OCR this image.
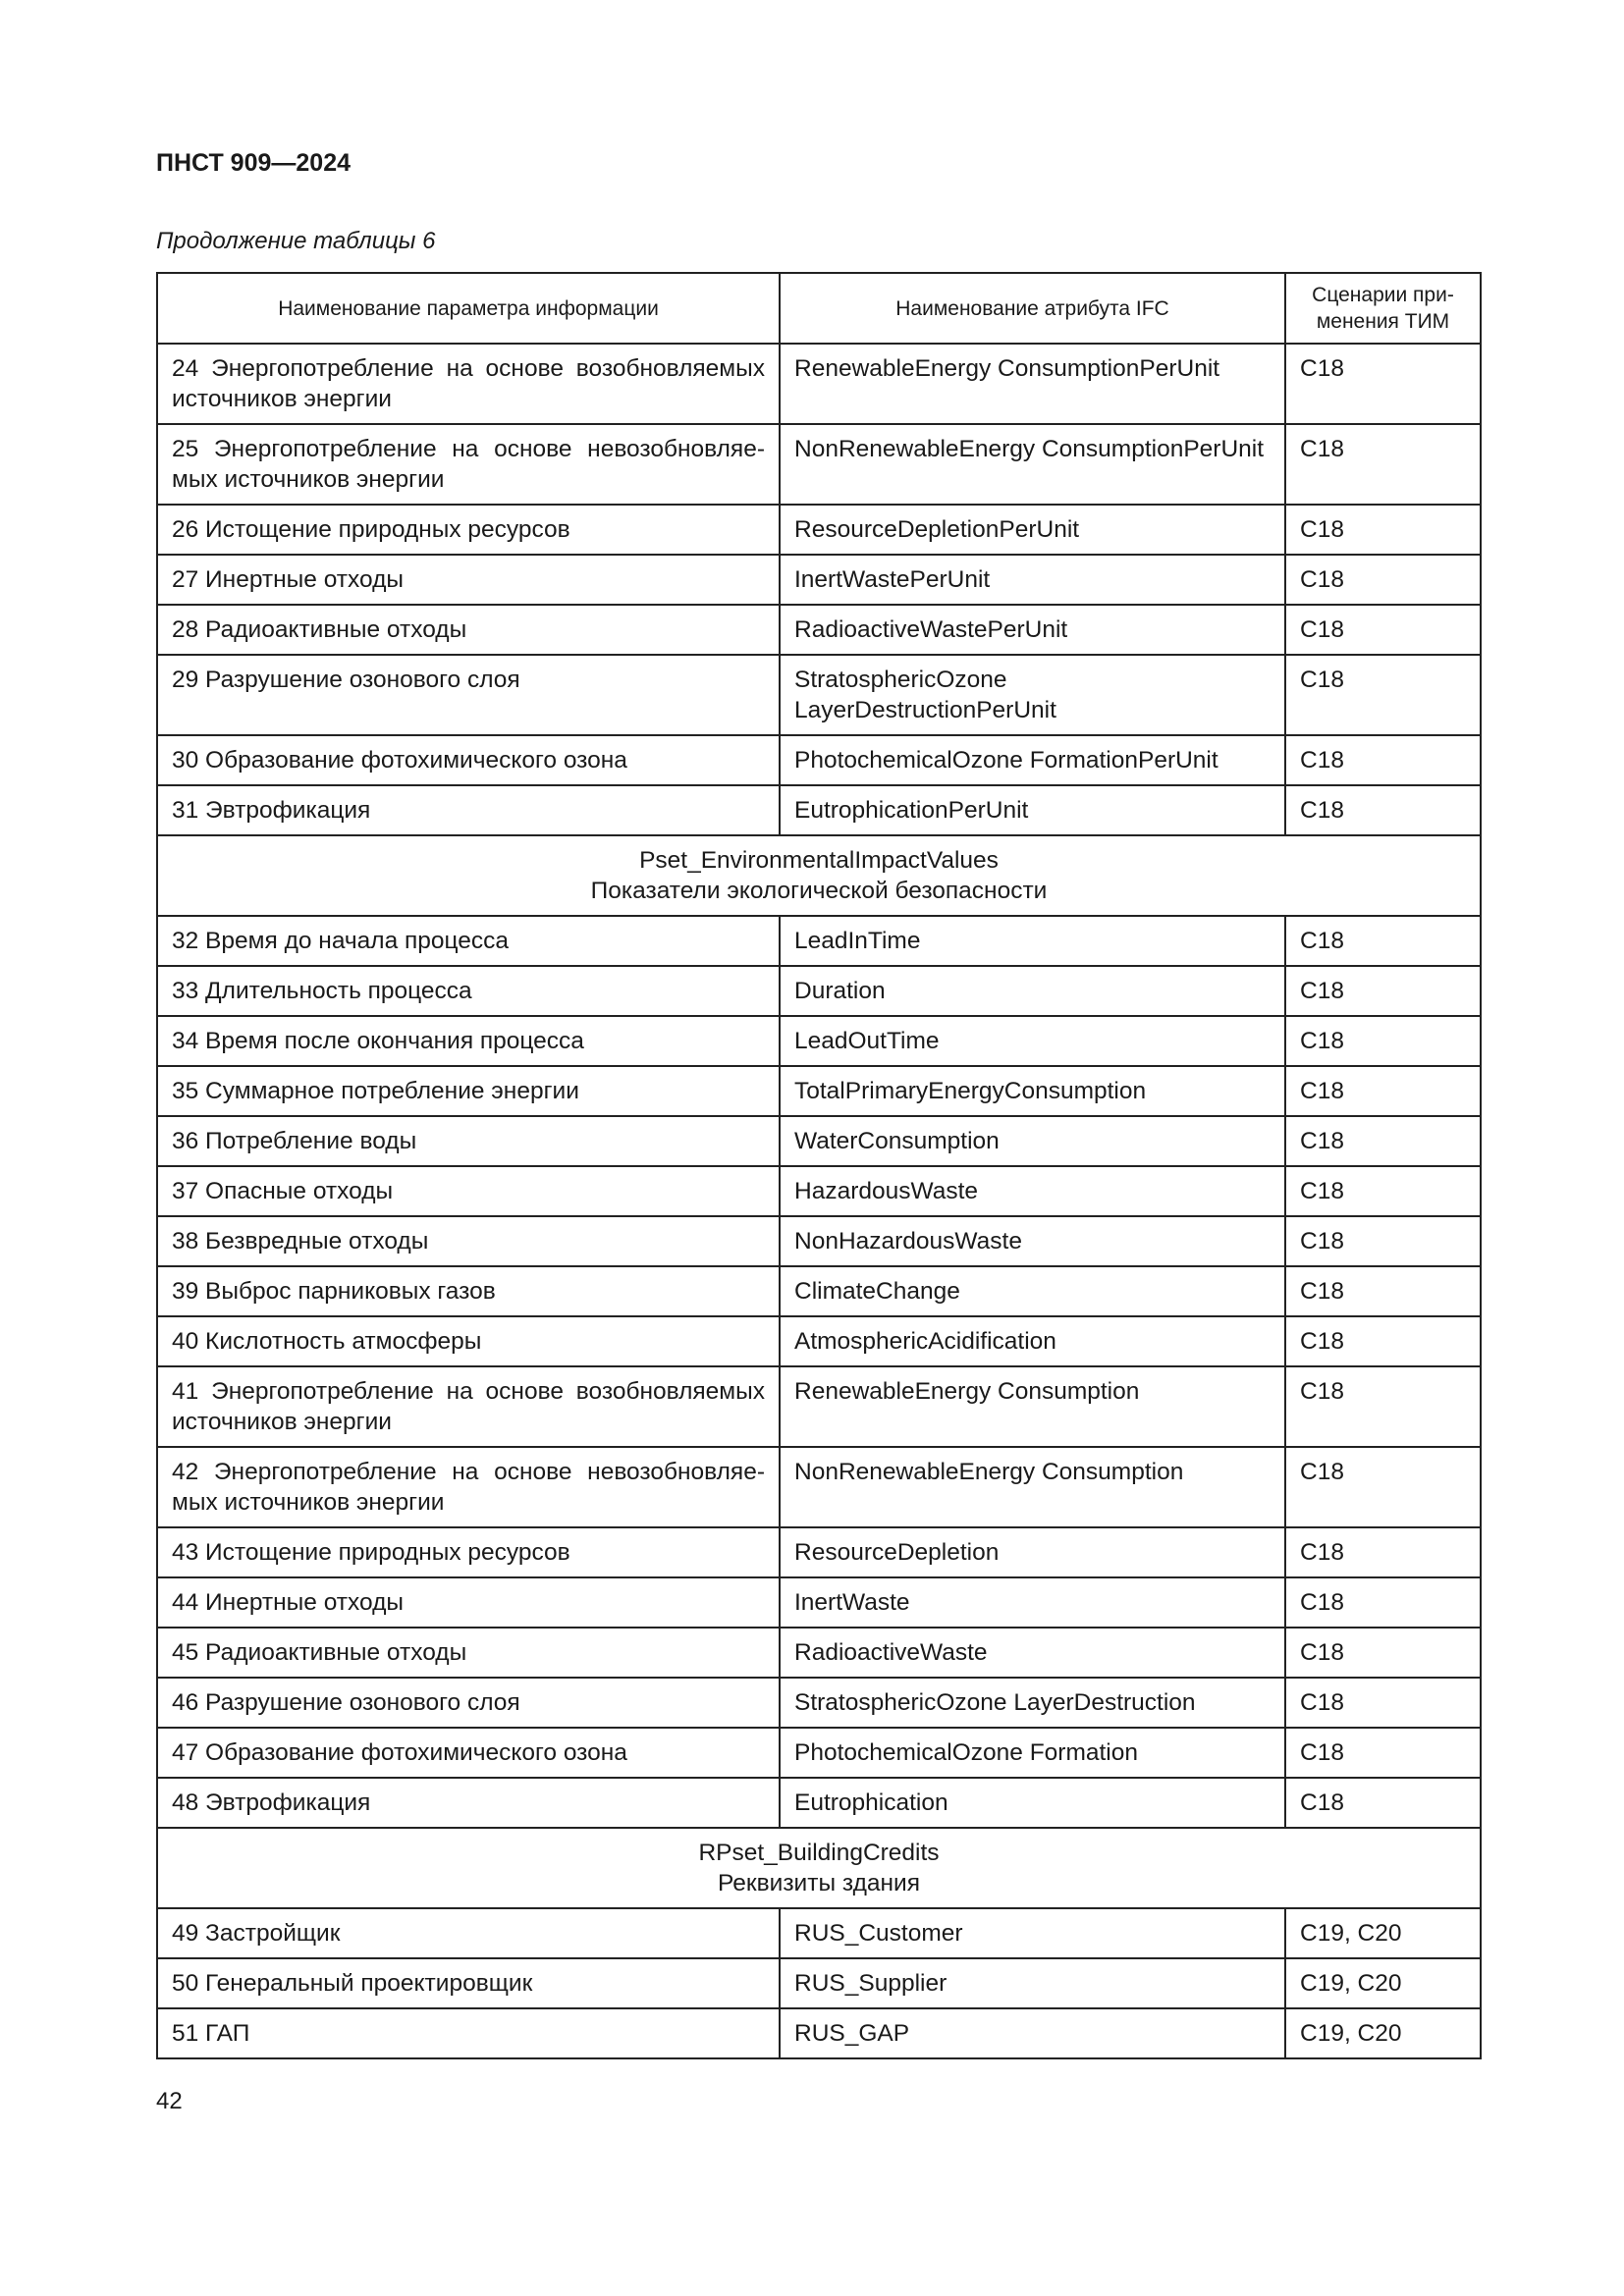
ПНСТ 909—2024
Продолжение таблицы 6
Наименование параметра информации	Наименование атрибута IFC	Сценарии при-
менения ТИМ

24 Энергопотребление на основе возобновляемых источников энергии	RenewableEnergy ConsumptionPerUnit	С18

25 Энергопотребление на основе невозобновляемых источников энергии	NonRenewableEnergy ConsumptionPerUnit	С18

26 Истощение природных ресурсов	ResourceDepletionPerUnit	С18

27 Инертные отходы	InertWastePerUnit	С18

28 Радиоактивные отходы	RadioactiveWastePerUnit	С18

29 Разрушение озонового слоя	StratosphericOzone LayerDestructionPerUnit	С18

30 Образование фотохимического озона	PhotochemicalOzone FormationPerUnit	С18

31 Эвтрофикация	EutrophicationPerUnit	С18

Pset_EnvironmentalImpactValues
Показатели экологической безопасности		

32 Время до начала процесса	LeadInTime	С18

33 Длительность процесса	Duration	С18

34 Время после окончания процесса	LeadOutTime	С18

35 Суммарное потребление энергии	TotalPrimaryEnergyConsumption	С18

36 Потребление воды	WaterConsumption	С18

37 Опасные отходы	HazardousWaste	С18

38 Безвредные отходы	NonHazardousWaste	С18

39 Выброс парниковых газов	ClimateChange	С18

40 Кислотность атмосферы	AtmosphericAcidification	С18

41 Энергопотребление на основе возобновляемых источников энергии	RenewableEnergy Consumption	С18

42 Энергопотребление на основе невозобновляемых источников энергии	NonRenewableEnergy Consumption	С18

43 Истощение природных ресурсов	ResourceDepletion	С18

44 Инертные отходы	InertWaste	С18

45 Радиоактивные отходы	RadioactiveWaste	С18

46 Разрушение озонового слоя	StratosphericOzone LayerDestruction	С18

47 Образование фотохимического озона	PhotochemicalOzone Formation	С18

48 Эвтрофикация	Eutrophication	С18

RPset_BuildingCredits
Реквизиты здания		

49 Застройщик	RUS_Customer	С19, С20

50 Генеральный проектировщик	RUS_Supplier	С19, С20

51 ГАП	RUS_GAP	С19, С20
42
